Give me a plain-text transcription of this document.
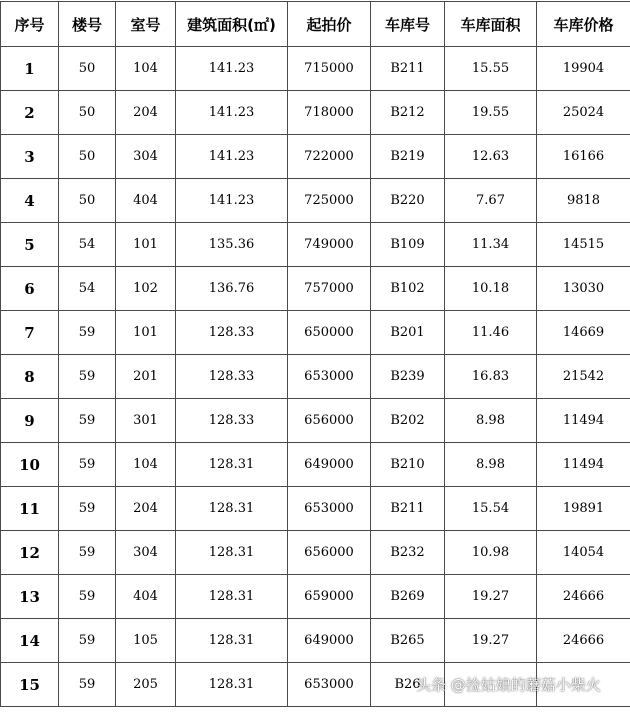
序号	楼号	室号	建筑面积(㎡)	起拍价	车库号	车库面积	车库价格
1	50	104	141.23	715000	B211	15.55	19904
2	50	204	141.23	718000	B212	19.55	25024
3	50	304	141.23	722000	B219	12.63	16166
4	50	404	141.23	725000	B220	7.67	9818
5	54	101	135.36	749000	B109	11.34	14515
6	54	102	136.76	757000	B102	10.18	13030
7	59	101	128.33	650000	B201	11.46	14669
8	59	201	128.33	653000	B239	16.83	21542
9	59	301	128.33	656000	B202	8.98	11494
10	59	104	128.31	649000	B210	8.98	11494
11	59	204	128.31	653000	B211	15.54	19891
12	59	304	128.31	656000	B232	10.98	14054
13	59	404	128.31	659000	B269	19.27	24666
14	59	105	128.31	649000	B265	19.27	24666
15	59	205	128.31	653000	B26		
头条 @捡姑娘的蘑菇小柴火
